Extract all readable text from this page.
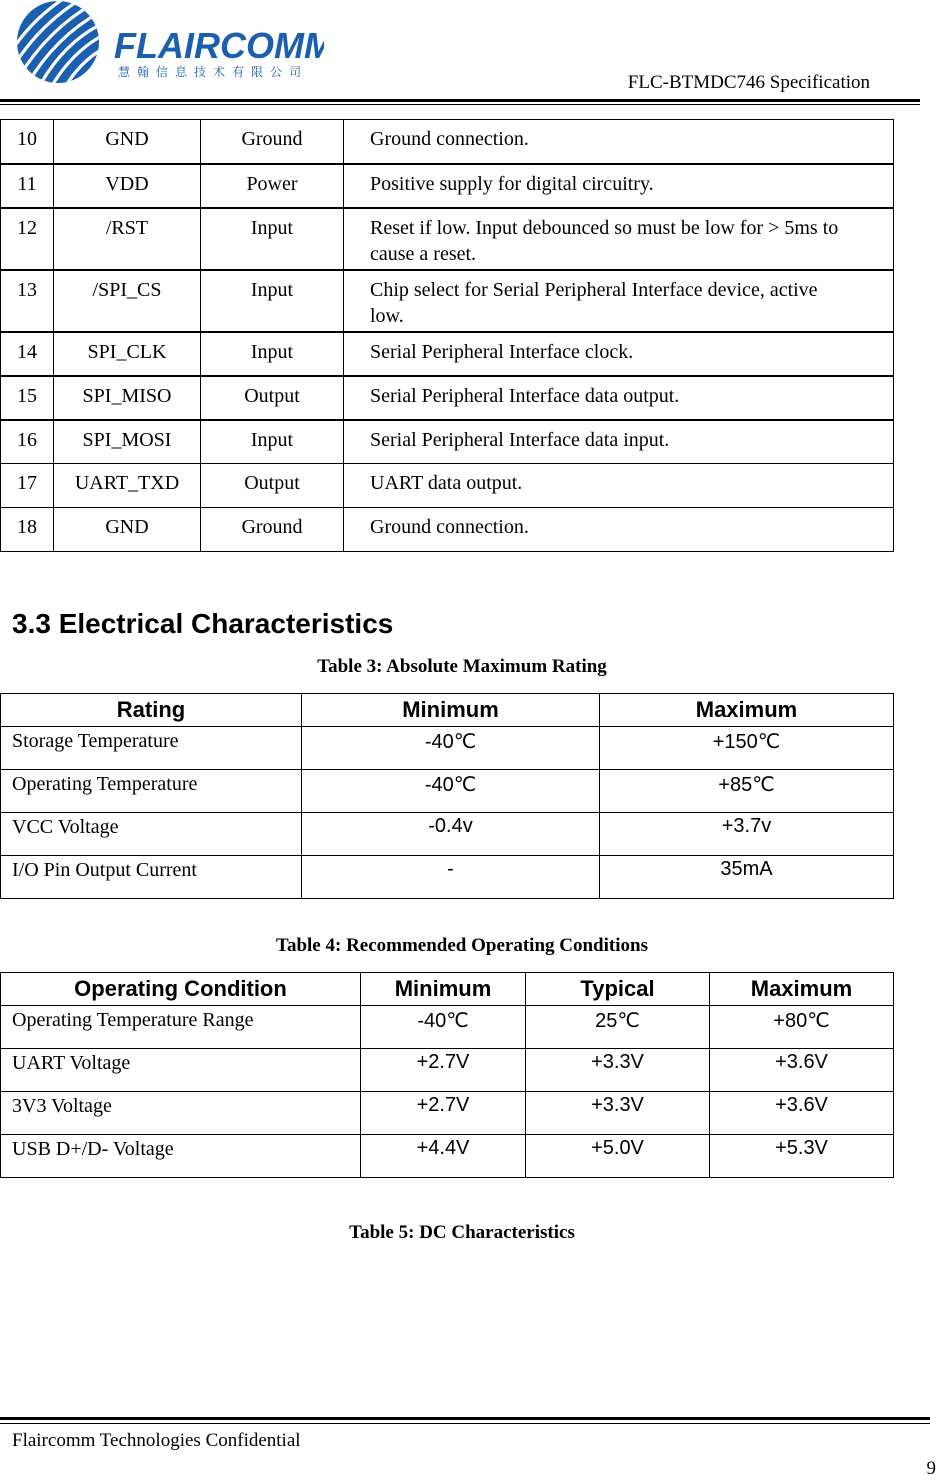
FLAIRCOMM
慧翰信息技术有限公司	FLC-BTMDC746 Specification
10	GND	Ground	Ground connection.
11	VDD	Power	Positive supply for digital circuitry.
12	/RST	Input	Reset if low. Input debounced so must be low for > 5ms to cause a reset.
13	/SPI_CS	Input	Chip select for Serial Peripheral Interface device, active low.
14	SPI_CLK	Input	Serial Peripheral Interface clock.
15	SPI_MISO	Output	Serial Peripheral Interface data output.
16	SPI_MOSI	Input	Serial Peripheral Interface data input.
17	UART_TXD	Output	UART data output.
18	GND	Ground	Ground connection.
3.3 Electrical Characteristics
Table 3: Absolute Maximum Rating
Rating	Minimum	Maximum
Storage Temperature	-40℃	+150℃
Operating Temperature	-40℃	+85℃
VCC Voltage	-0.4v	+3.7v
I/O Pin Output Current	-	35mA
Table 4: Recommended Operating Conditions
Operating Condition	Minimum	Typical	Maximum
Operating Temperature Range	-40℃	25℃	+80℃
UART Voltage	+2.7V	+3.3V	+3.6V
3V3 Voltage	+2.7V	+3.3V	+3.6V
USB D+/D- Voltage	+4.4V	+5.0V	+5.3V
Table 5: DC Characteristics
Flaircomm Technologies Confidential
9
